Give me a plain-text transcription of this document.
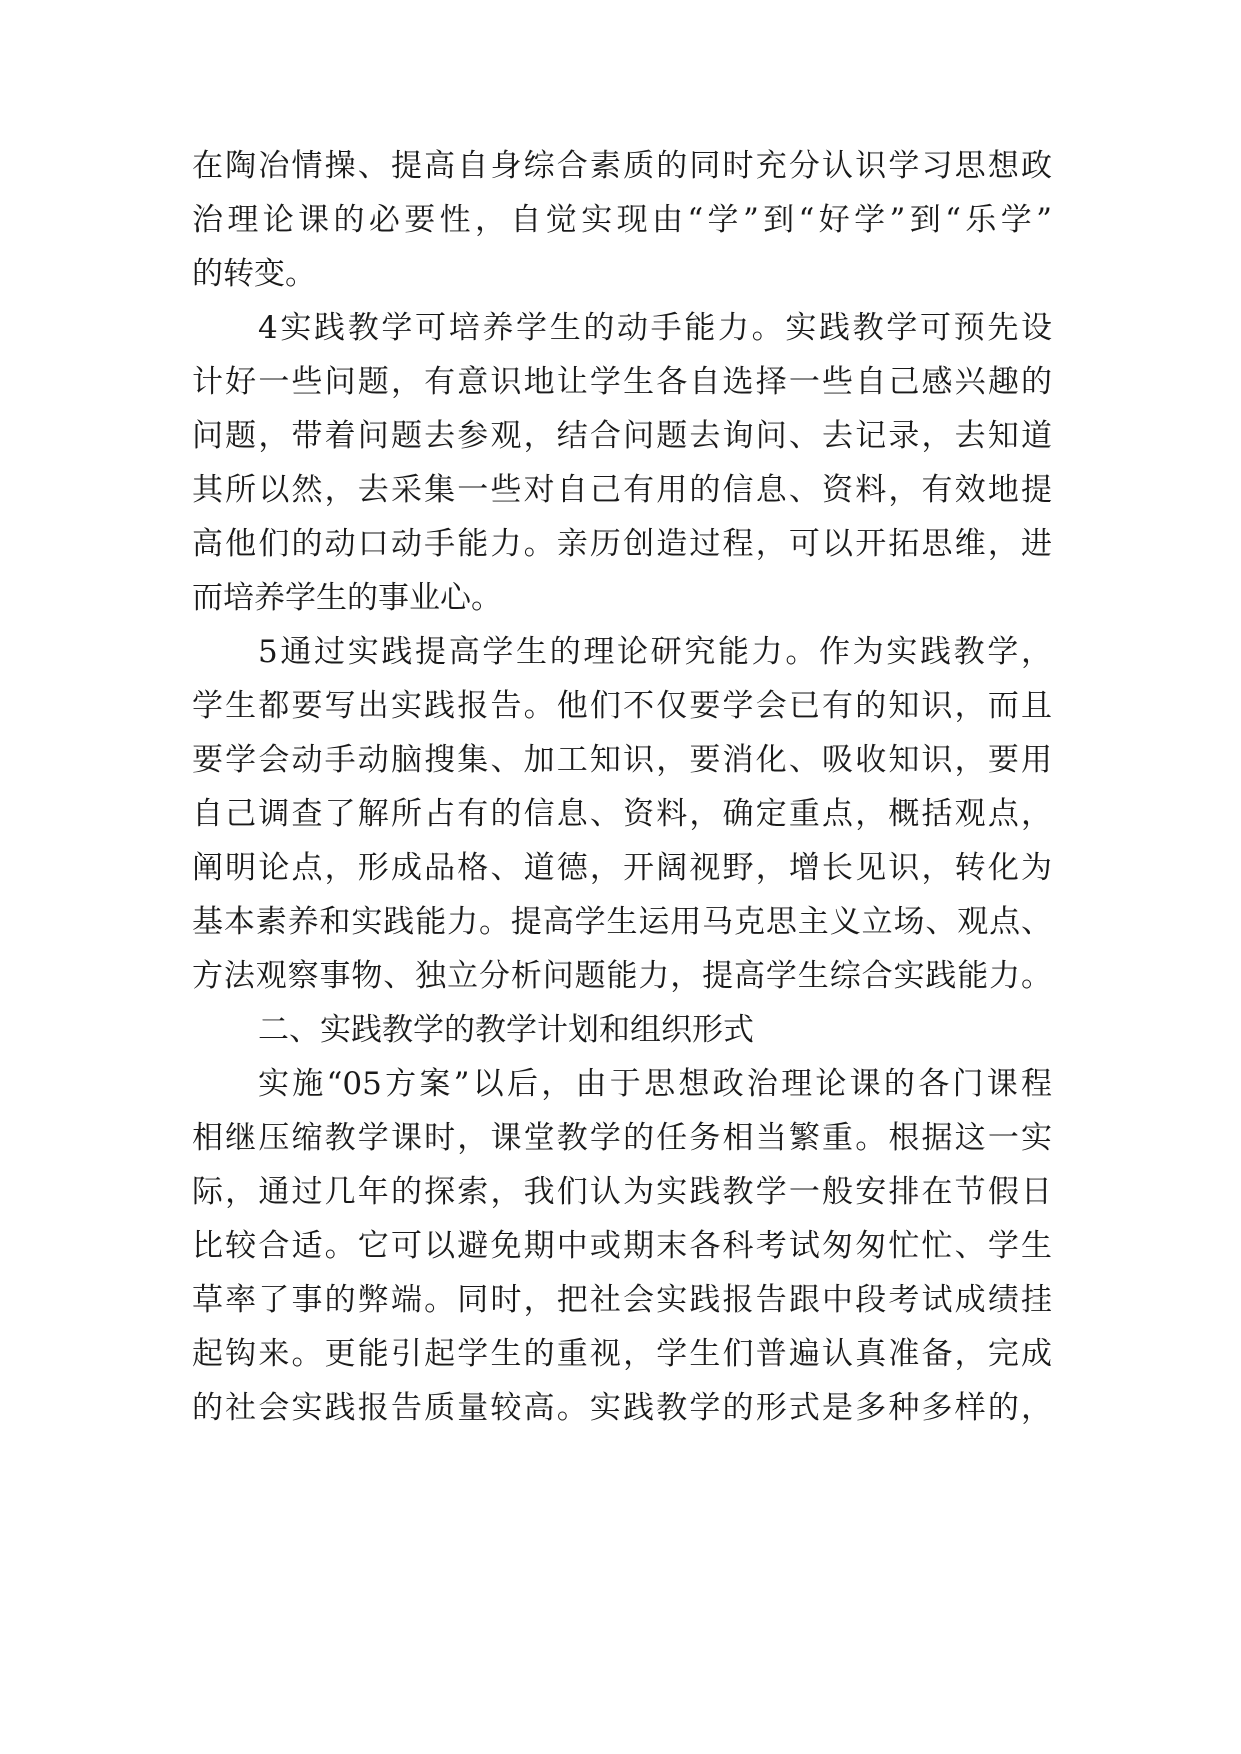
在陶冶情操、提高自身综合素质的同时充分认识学习思想政
治理论课的必要性，自觉实现由“学”到“好学”到“乐学”
的转变。
4实践教学可培养学生的动手能力。实践教学可预先设
计好一些问题，有意识地让学生各自选择一些自己感兴趣的
问题，带着问题去参观，结合问题去询问、去记录，去知道
其所以然，去采集一些对自己有用的信息、资料，有效地提
高他们的动口动手能力。亲历创造过程，可以开拓思维，进
而培养学生的事业心。
5通过实践提高学生的理论研究能力。作为实践教学，
学生都要写出实践报告。他们不仅要学会已有的知识，而且
要学会动手动脑搜集、加工知识，要消化、吸收知识，要用
自己调查了解所占有的信息、资料，确定重点，概括观点，
阐明论点，形成品格、道德，开阔视野，增长见识，转化为
基本素养和实践能力。提高学生运用马克思主义立场、观点、
方法观察事物、独立分析问题能力，提高学生综合实践能力。
二、实践教学的教学计划和组织形式
实施“05方案”以后，由于思想政治理论课的各门课程
相继压缩教学课时，课堂教学的任务相当繁重。根据这一实
际，通过几年的探索，我们认为实践教学一般安排在节假日
比较合适。它可以避免期中或期末各科考试匆匆忙忙、学生
草率了事的弊端。同时，把社会实践报告跟中段考试成绩挂
起钩来。更能引起学生的重视，学生们普遍认真准备，完成
的社会实践报告质量较高。实践教学的形式是多种多样的，
